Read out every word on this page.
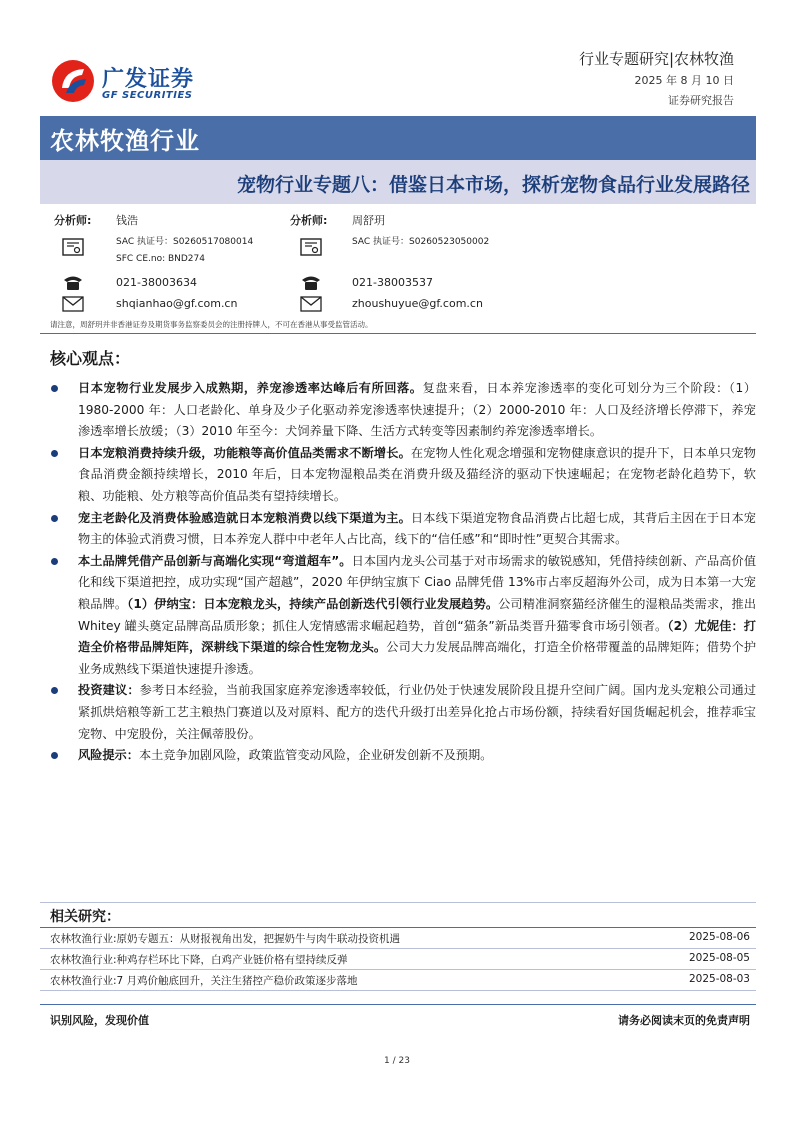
广发证券
GF SECURITIES
行业专题研究|农林牧渔
2025 年 8 月 10 日
证券研究报告
农林牧渔行业
宠物行业专题八：借鉴日本市场，探析宠物食品行业发展路径
分析师: 钱浩
SAC 执证号：S0260517080014
SFC CE.no: BND274
021-38003634
shqianhao@gf.com.cn
分析师: 周舒玥
SAC 执证号：S0260523050002
021-38003537
zhoushuyue@gf.com.cn
请注意，周舒玥并非香港证券及期货事务监察委员会的注册持牌人，不可在香港从事受监管活动。
核心观点：

日本宠物行业发展步入成熟期，养宠渗透率达峰后有所回落。复盘来看，日本养宠渗透率的变化可划分为三个阶段：（1）1980-2000 年：人口老龄化、单身及少子化驱动养宠渗透率快速提升；（2）2000-2010 年：人口及经济增长停滞下，养宠渗透率增长放缓；（3）2010 年至今：犬饲养量下降、生活方式转变等因素制约养宠渗透率增长。

日本宠粮消费持续升级，功能粮等高价值品类需求不断增长。在宠物人性化观念增强和宠物健康意识的提升下，日本单只宠物食品消费金额持续增长，2010 年后，日本宠物湿粮品类在消费升级及猫经济的驱动下快速崛起；在宠物老龄化趋势下，软粮、功能粮、处方粮等高价值品类有望持续增长。

宠主老龄化及消费体验感造就日本宠粮消费以线下渠道为主。日本线下渠道宠物食品消费占比超七成，其背后主因在于日本宠物主的体验式消费习惯，日本养宠人群中中老年人占比高，线下的“信任感”和“即时性”更契合其需求。

本土品牌凭借产品创新与高端化实现“弯道超车”。日本国内龙头公司基于对市场需求的敏锐感知，凭借持续创新、产品高价值化和线下渠道把控，成功实现“国产超越”，2020 年伊纳宝旗下 Ciao 品牌凭借 13%市占率反超海外公司，成为日本第一大宠粮品牌。（1）伊纳宝：日本宠粮龙头，持续产品创新迭代引领行业发展趋势。公司精准洞察猫经济催生的湿粮品类需求，推出 Whitey 罐头奠定品牌高品质形象；抓住人宠情感需求崛起趋势，首创“猫条”新品类晋升猫零食市场引领者。（2）尤妮佳：打造全价格带品牌矩阵，深耕线下渠道的综合性宠物龙头。公司大力发展品牌高端化，打造全价格带覆盖的品牌矩阵；借势个护业务成熟线下渠道快速提升渗透。

投资建议：参考日本经验，当前我国家庭养宠渗透率较低，行业仍处于快速发展阶段且提升空间广阔。国内龙头宠粮公司通过紧抓烘焙粮等新工艺主粮热门赛道以及对原料、配方的迭代升级打出差异化抢占市场份额，持续看好国货崛起机会，推荐乖宝宠物、中宠股份，关注佩蒂股份。

风险提示：本土竞争加剧风险，政策监管变动风险，企业研发创新不及预期。

相关研究：
农林牧渔行业:原奶专题五：从财报视角出发，把握奶牛与肉牛联动投资机遇	2025-08-06
农林牧渔行业:种鸡存栏环比下降，白鸡产业链价格有望持续反弹	2025-08-05
农林牧渔行业:7 月鸡价触底回升，关注生猪控产稳价政策逐步落地	2025-08-03
识别风险，发现价值	请务必阅读末页的免责声明
1 / 23
